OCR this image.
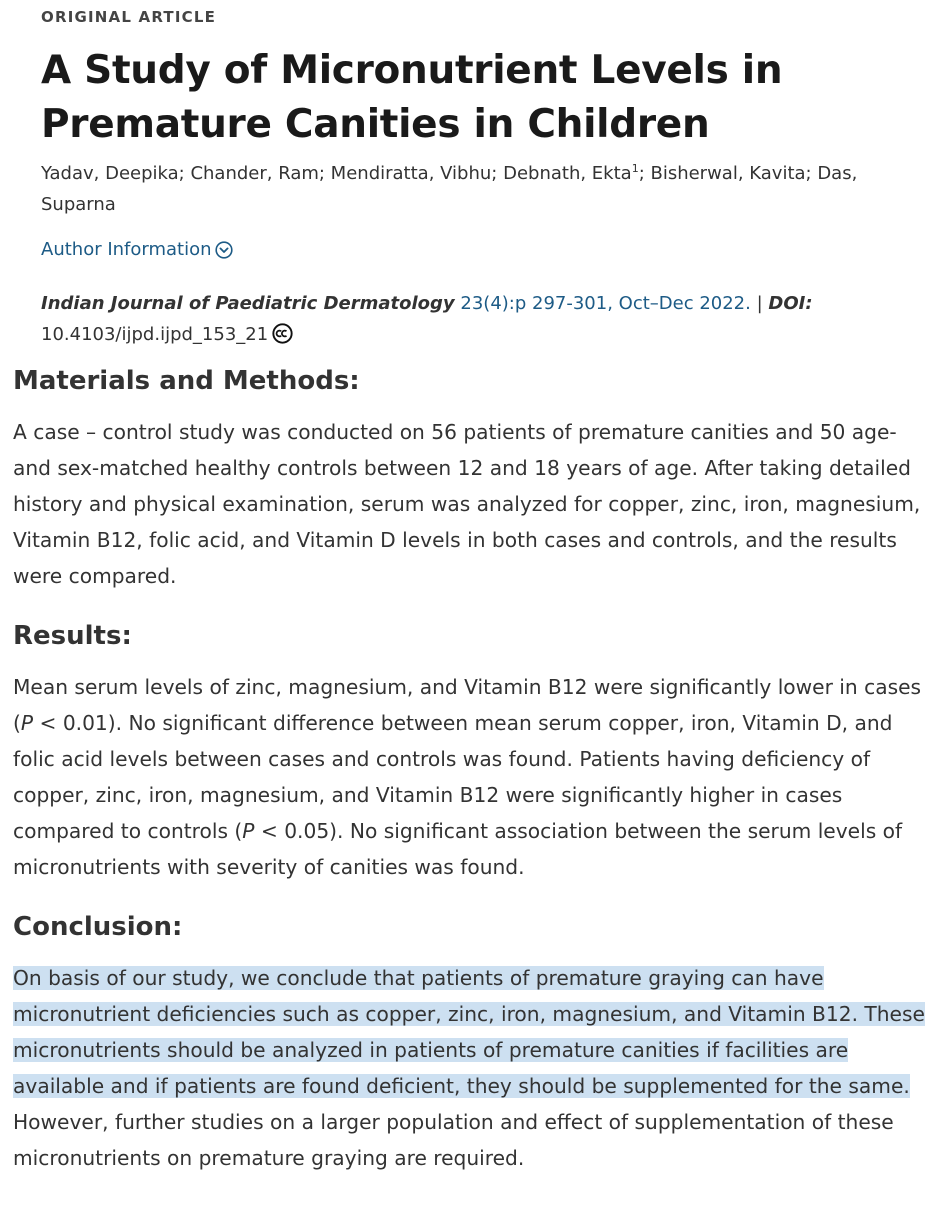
ORIGINAL ARTICLE
A Study of Micronutrient Levels in Premature Canities in Children
Yadav, Deepika; Chander, Ram; Mendiratta, Vibhu; Debnath, Ekta$^1$; Bisherwal, Kavita; Das, Suparna
Author Information
Indian Journal of Paediatric Dermatology 23(4):p 297-301, Oct–Dec 2022. | DOI:
10.4103/ijpd.ijpd_153_21
Materials and Methods:

A case – control study was conducted on 56 patients of premature canities and 50 age- and sex-matched healthy controls between 12 and 18 years of age. After taking detailed history and physical examination, serum was analyzed for copper, zinc, iron, magnesium, Vitamin B12, folic acid, and Vitamin D levels in both cases and controls, and the results were compared.

Results:

Mean serum levels of zinc, magnesium, and Vitamin B12 were significantly lower in cases (P < 0.01). No significant difference between mean serum copper, iron, Vitamin D, and folic acid levels between cases and controls was found. Patients having deficiency of copper, zinc, iron, magnesium, and Vitamin B12 were significantly higher in cases compared to controls (P < 0.05). No significant association between the serum levels of micronutrients with severity of canities was found.

Conclusion:

On basis of our study, we conclude that patients of premature graying can have micronutrient deficiencies such as copper, zinc, iron, magnesium, and Vitamin B12. These micronutrients should be analyzed in patients of premature canities if facilities are available and if patients are found deficient, they should be supplemented for the same. However, further studies on a larger population and effect of supplementation of these micronutrients on premature graying are required.
